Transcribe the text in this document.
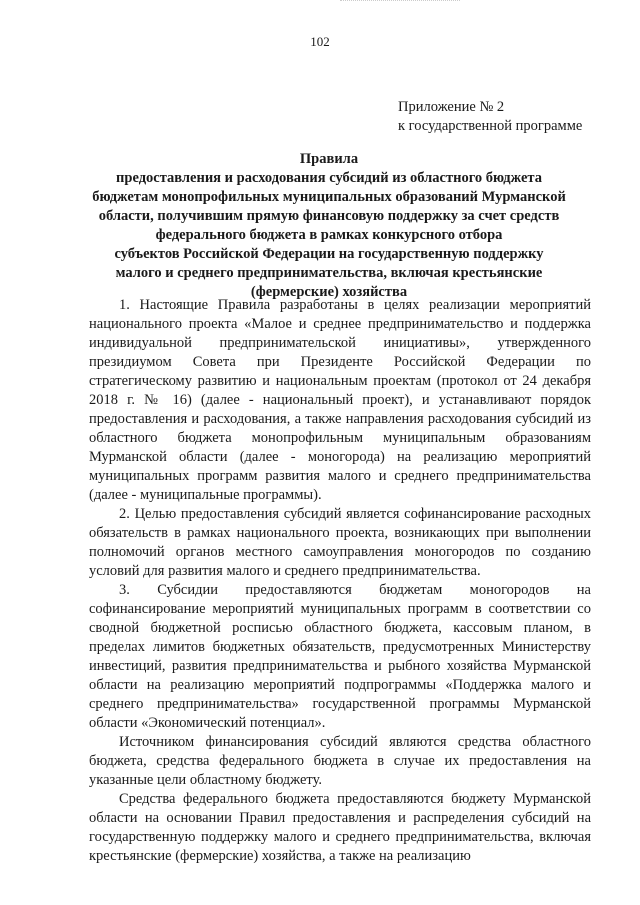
102
Приложение № 2
к государственной программе
Правила
предоставления и расходования субсидий из областного бюджета
бюджетам монопрофильных муниципальных образований Мурманской
области, получившим прямую финансовую поддержку за счет средств
федерального бюджета в рамках конкурсного отбора
субъектов Российской Федерации на государственную поддержку
малого и среднего предпринимательства, включая крестьянские
(фермерские) хозяйства

1. Настоящие Правила разработаны в целях реализации мероприятий национального проекта «Малое и среднее предпринимательство и поддержка индивидуальной предпринимательской инициативы», утвержденного президиумом Совета при Президенте Российской Федерации по стратегическому развитию и национальным проектам (протокол от 24 декабря 2018 г. № 16) (далее - национальный проект), и устанавливают порядок предоставления и расходования, а также направления расходования субсидий из областного бюджета монопрофильным муниципальным образованиям Мурманской области (далее - моногорода) на реализацию мероприятий муниципальных программ развития малого и среднего предпринимательства (далее - муниципальные программы).

2. Целью предоставления субсидий является софинансирование расходных обязательств в рамках национального проекта, возникающих при выполнении полномочий органов местного самоуправления моногородов по созданию условий для развития малого и среднего предпринимательства.

3. Субсидии предоставляются бюджетам моногородов на софинансирование мероприятий муниципальных программ в соответствии со сводной бюджетной росписью областного бюджета, кассовым планом, в пределах лимитов бюджетных обязательств, предусмотренных Министерству инвестиций, развития предпринимательства и рыбного хозяйства Мурманской области на реализацию мероприятий подпрограммы «Поддержка малого и среднего предпринимательства» государственной программы Мурманской области «Экономический потенциал».

Источником финансирования субсидий являются средства областного бюджета, средства федерального бюджета в случае их предоставления на указанные цели областному бюджету.

Средства федерального бюджета предоставляются бюджету Мурманской области на основании Правил предоставления и распределения субсидий на государственную поддержку малого и среднего предпринимательства, включая крестьянские (фермерские) хозяйства, а также на реализацию
